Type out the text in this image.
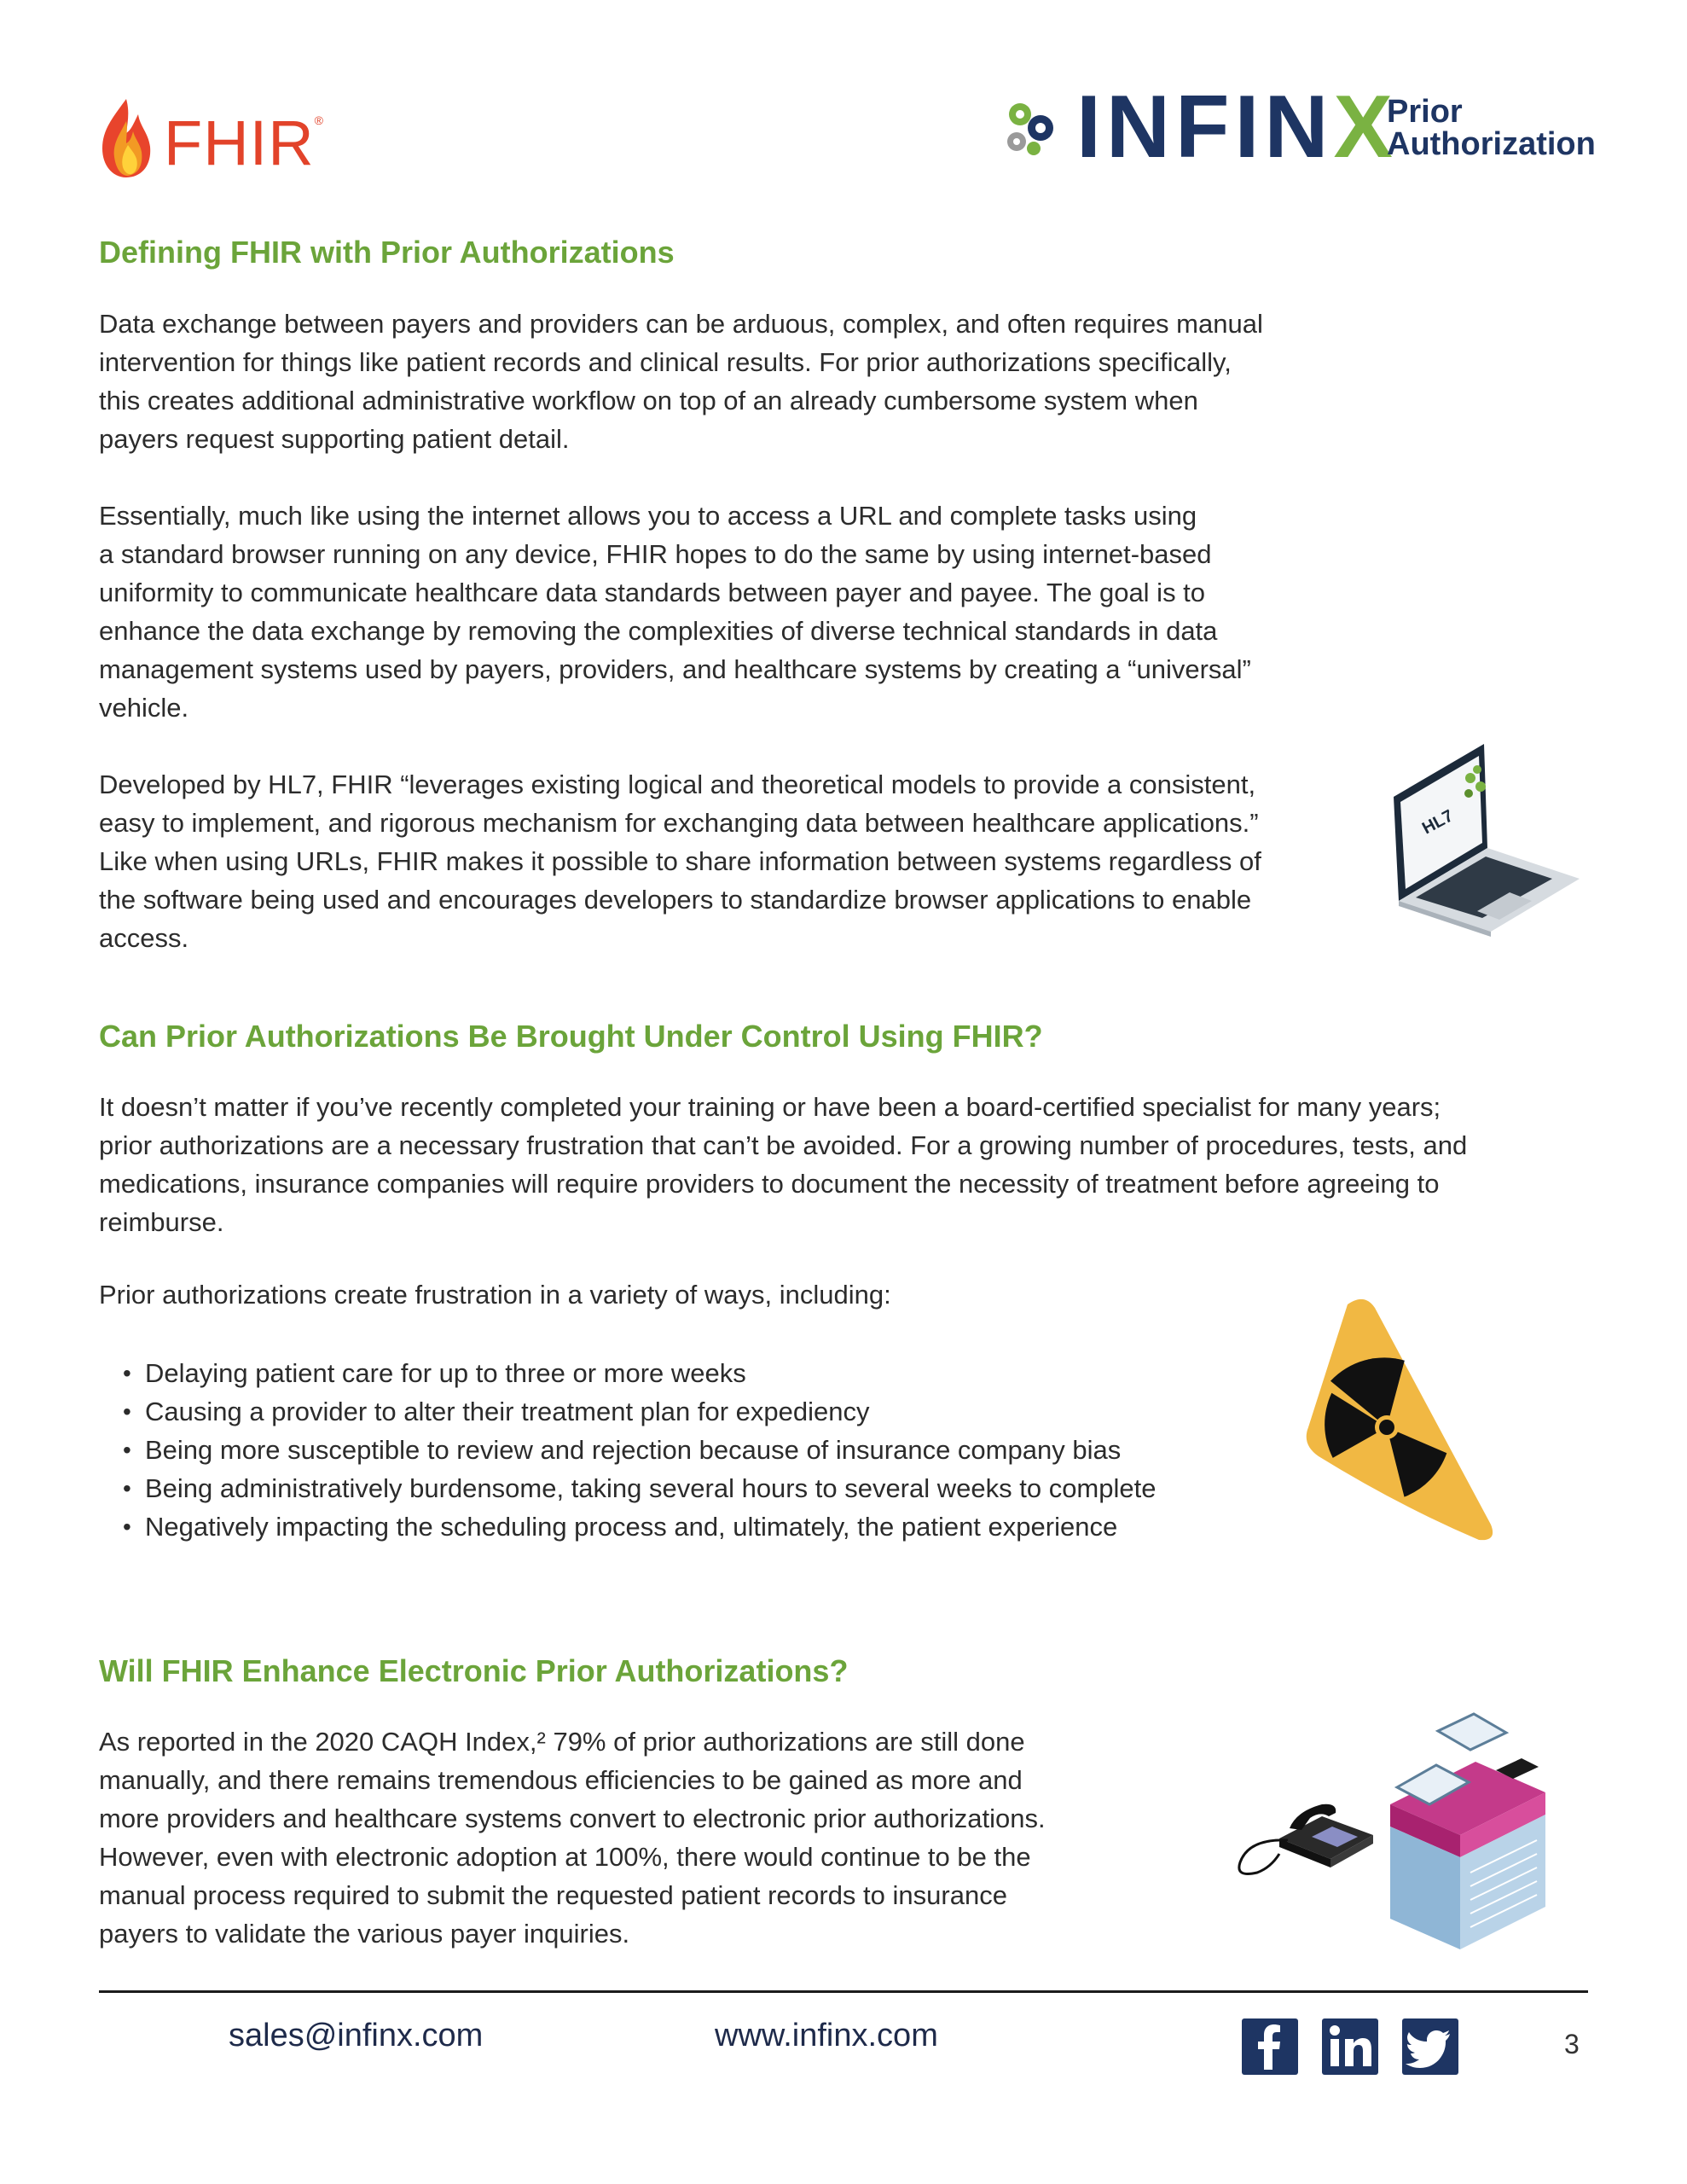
FHIR®	INFINX
Prior
Authorization
Defining FHIR with Prior Authorizations
Data exchange between payers and providers can be arduous, complex, and often requires manual
intervention for things like patient records and clinical results. For prior authorizations specifically,
this creates additional administrative workflow on top of an already cumbersome system when
payers request supporting patient detail.
Essentially, much like using the internet allows you to access a URL and complete tasks using
a standard browser running on any device, FHIR hopes to do the same by using internet-based
uniformity to communicate healthcare data standards between payer and payee. The goal is to
enhance the data exchange by removing the complexities of diverse technical standards in data
management systems used by payers, providers, and healthcare systems by creating a “universal”
vehicle.
Developed by HL7, FHIR “leverages existing logical and theoretical models to provide a consistent,
easy to implement, and rigorous mechanism for exchanging data between healthcare applications.”
Like when using URLs, FHIR makes it possible to share information between systems regardless of
the software being used and encourages developers to standardize browser applications to enable
access.
HL7
Can Prior Authorizations Be Brought Under Control Using FHIR?
It doesn’t matter if you’ve recently completed your training or have been a board-certified specialist for many years;
prior authorizations are a necessary frustration that can’t be avoided. For a growing number of procedures, tests, and
medications, insurance companies will require providers to document the necessity of treatment before agreeing to
reimburse.
Prior authorizations create frustration in a variety of ways, including:
• Delaying patient care for up to three or more weeks
• Causing a provider to alter their treatment plan for expediency
• Being more susceptible to review and rejection because of insurance company bias
• Being administratively burdensome, taking several hours to several weeks to complete
• Negatively impacting the scheduling process and, ultimately, the patient experience
Will FHIR Enhance Electronic Prior Authorizations?
As reported in the 2020 CAQH Index,² 79% of prior authorizations are still done
manually, and there remains tremendous efficiencies to be gained as more and
more providers and healthcare systems convert to electronic prior authorizations.
However, even with electronic adoption at 100%, there would continue to be the
manual process required to submit the requested patient records to insurance
payers to validate the various payer inquiries.
sales@infinx.com	www.infinx.com	3
